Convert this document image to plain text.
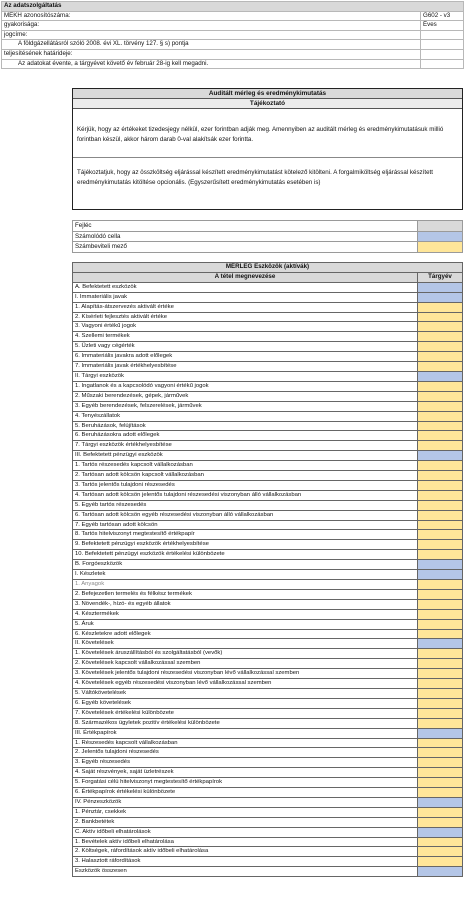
Az adatszolgáltatás	
MEKH azonosítószáma:	G602 - v3
gyakorisága:	Éves
jogcíme:	
A földgázellátásról szóló 2008. évi XL. törvény 127. § s) pontja	
teljesítésének határideje:	
Az adatokat évente, a tárgyévet követő év február 28-ig kell megadni.	
Auditált mérleg és eredménykimutatás
Tájékoztató
Kérjük, hogy az értékeket tizedesjegy nélkül, ezer forintban adják meg. Amennyiben az auditált mérleg és eredménykimutatásuk millió forintban készül, akkor három darab 0-val alakítsák ezer forintta.
Tájékoztatjuk, hogy az összköltség eljárással készített eredménykimutatást kötelező kitölteni. A forgalmiköltség eljárással készített eredménykimutatás kitöltése opcionális. (Egyszerűsített eredménykimutatás esetében is)
Fejléc	
Számolódó cella	
Számbeviteli mező	
MÉRLEG Eszközök (aktívák)	
A tétel megnevezése	Tárgyév
A. Befektetett eszközök	
I. Immateriális javak	
1. Alapítás-átszervezés aktivált értéke	
2. Kísérleti fejlesztés aktivált értéke	
3. Vagyoni értékű jogok	
4. Szellemi termékek	
5. Üzleti vagy cégérték	
6. Immateriális javakra adott előlegek	
7. Immateriális javak értékhelyesbítése	
II. Tárgyi eszközök	
1. Ingatlanok és a kapcsolódó vagyoni értékű jogok	
2. Műszaki berendezések, gépek, járművek	
3. Egyéb berendezések, felszerelések, járművek	
4. Tenyészállatok	
5. Beruházások, felújítások	
6. Beruházásokra adott előlegek	
7. Tárgyi eszközök értékhelyesbítése	
III. Befektetett pénzügyi eszközök	
1. Tartós részesedés kapcsolt vállalkozásban	
2. Tartósan adott kölcsön kapcsolt vállalkozásban	
3. Tartós jelentős tulajdoni részesedés	
4. Tartósan adott kölcsön jelentős tulajdoni részesedési viszonyban álló vállalkozásban	
5. Egyéb tartós részesedés	
6. Tartósan adott kölcsön egyéb részesedési viszonyban álló vállalkozásban	
7. Egyéb tartósan adott kölcsön	
8. Tartós hitelviszonyt megtestesítő értékpapír	
9. Befektetett pénzügyi eszközök értékhelyesbítése	
10. Befektetett pénzügyi eszközök értékelési különbözete	
B. Forgóeszközök	
I. Készletek	
1. Anyagok	
2. Befejezetlen termelés és félkész termékek	
3. Növendék-, hízó- és egyéb állatok	
4. Késztermékek	
5. Áruk	
6. Készletekre adott előlegek	
II. Követelések	
1. Követelések áruszállításból és szolgáltatásból (vevők)	
2. Követelések kapcsolt vállalkozással szemben	
3. Követelések jelentős tulajdoni részesedési viszonyban lévő vállalkozással szemben	
4. Követelések egyéb részesedési viszonyban lévő vállalkozással szemben	
5. Váltókövetelések	
6. Egyéb követelések	
7. Követelések értékelési különbözete	
8. Származékos ügyletek pozitív értékelési különbözete	
III. Értékpapírok	
1. Részesedés kapcsolt vállalkozásban	
2. Jelentős tulajdoni részesedés	
3. Egyéb részesedés	
4. Saját részvények, saját üzletrészek	
5. Forgatási célú hitelviszonyt megtestesítő értékpapírok	
6. Értékpapírok értékelési különbözete	
IV. Pénzeszközök	
1. Pénztár, csekkek	
2. Bankbetétek	
C. Aktív időbeli elhatárolások	
1. Bevételek aktív időbeli elhatárolása	
2. Költségek, ráfordítások aktív időbeli elhatárolása	
3. Halasztott ráfordítások	
Eszközök összesen	
